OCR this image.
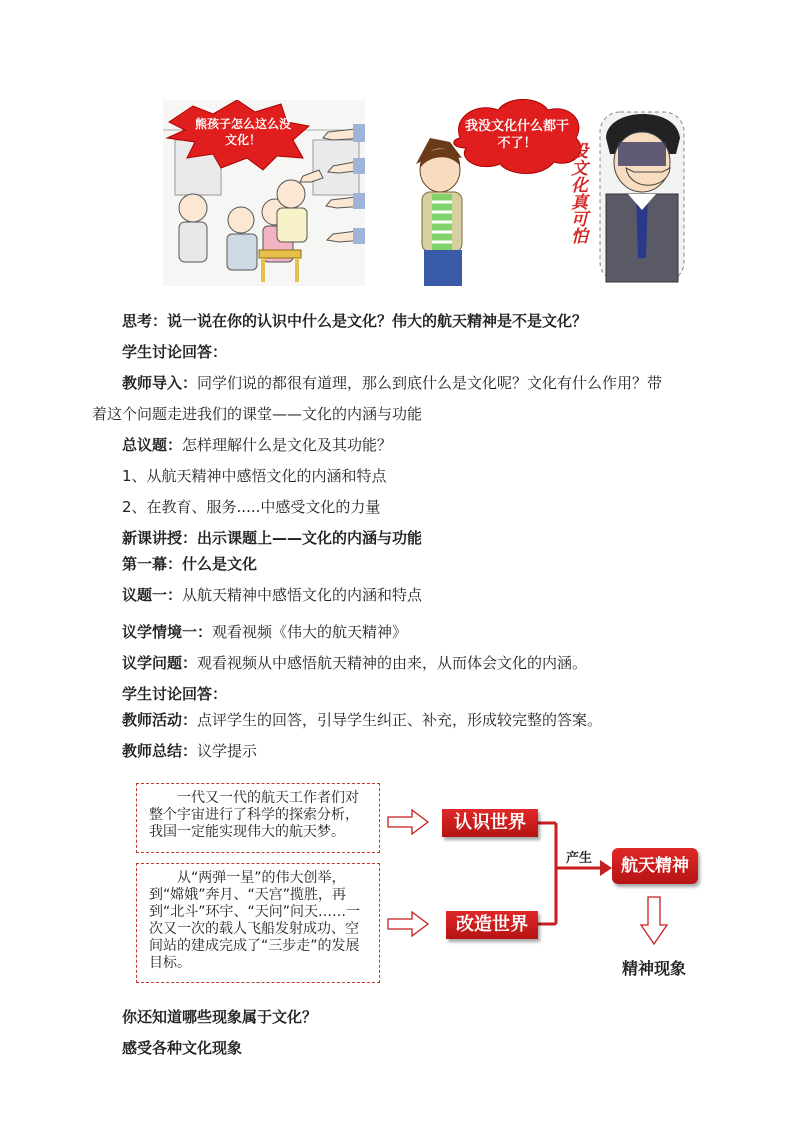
熊孩子怎么这么没文化！
我没文化什么都干不了！	没文化真可怕
思考：说一说在你的认识中什么是文化？伟大的航天精神是不是文化？
学生讨论回答：
教师导入：同学们说的都很有道理，那么到底什么是文化呢？文化有什么作用？带
着这个问题走进我们的课堂——文化的内涵与功能
总议题：怎样理解什么是文化及其功能？
1、从航天精神中感悟文化的内涵和特点
2、在教育、服务.....中感受文化的力量
新课讲授：出示课题上——文化的内涵与功能
第一幕：什么是文化
议题一：从航天精神中感悟文化的内涵和特点
议学情境一：观看视频《伟大的航天精神》
议学问题：观看视频从中感悟航天精神的由来，从而体会文化的内涵。
学生讨论回答：
教师活动：点评学生的回答，引导学生纠正、补充，形成较完整的答案。
教师总结：议学提示
一代又一代的航天工作者们对整个宇宙进行了科学的探索分析，我国一定能实现伟大的航天梦。
从“两弹一星”的伟大创举，到“嫦娥”奔月、“天宫”揽胜，再到“北斗”环宇、“天问”问天……一次又一次的载人飞船发射成功、空间站的建成完成了“三步走”的发展目标。
认识世界
改造世界
产生	航天精神
精神现象
你还知道哪些现象属于文化？
感受各种文化现象
